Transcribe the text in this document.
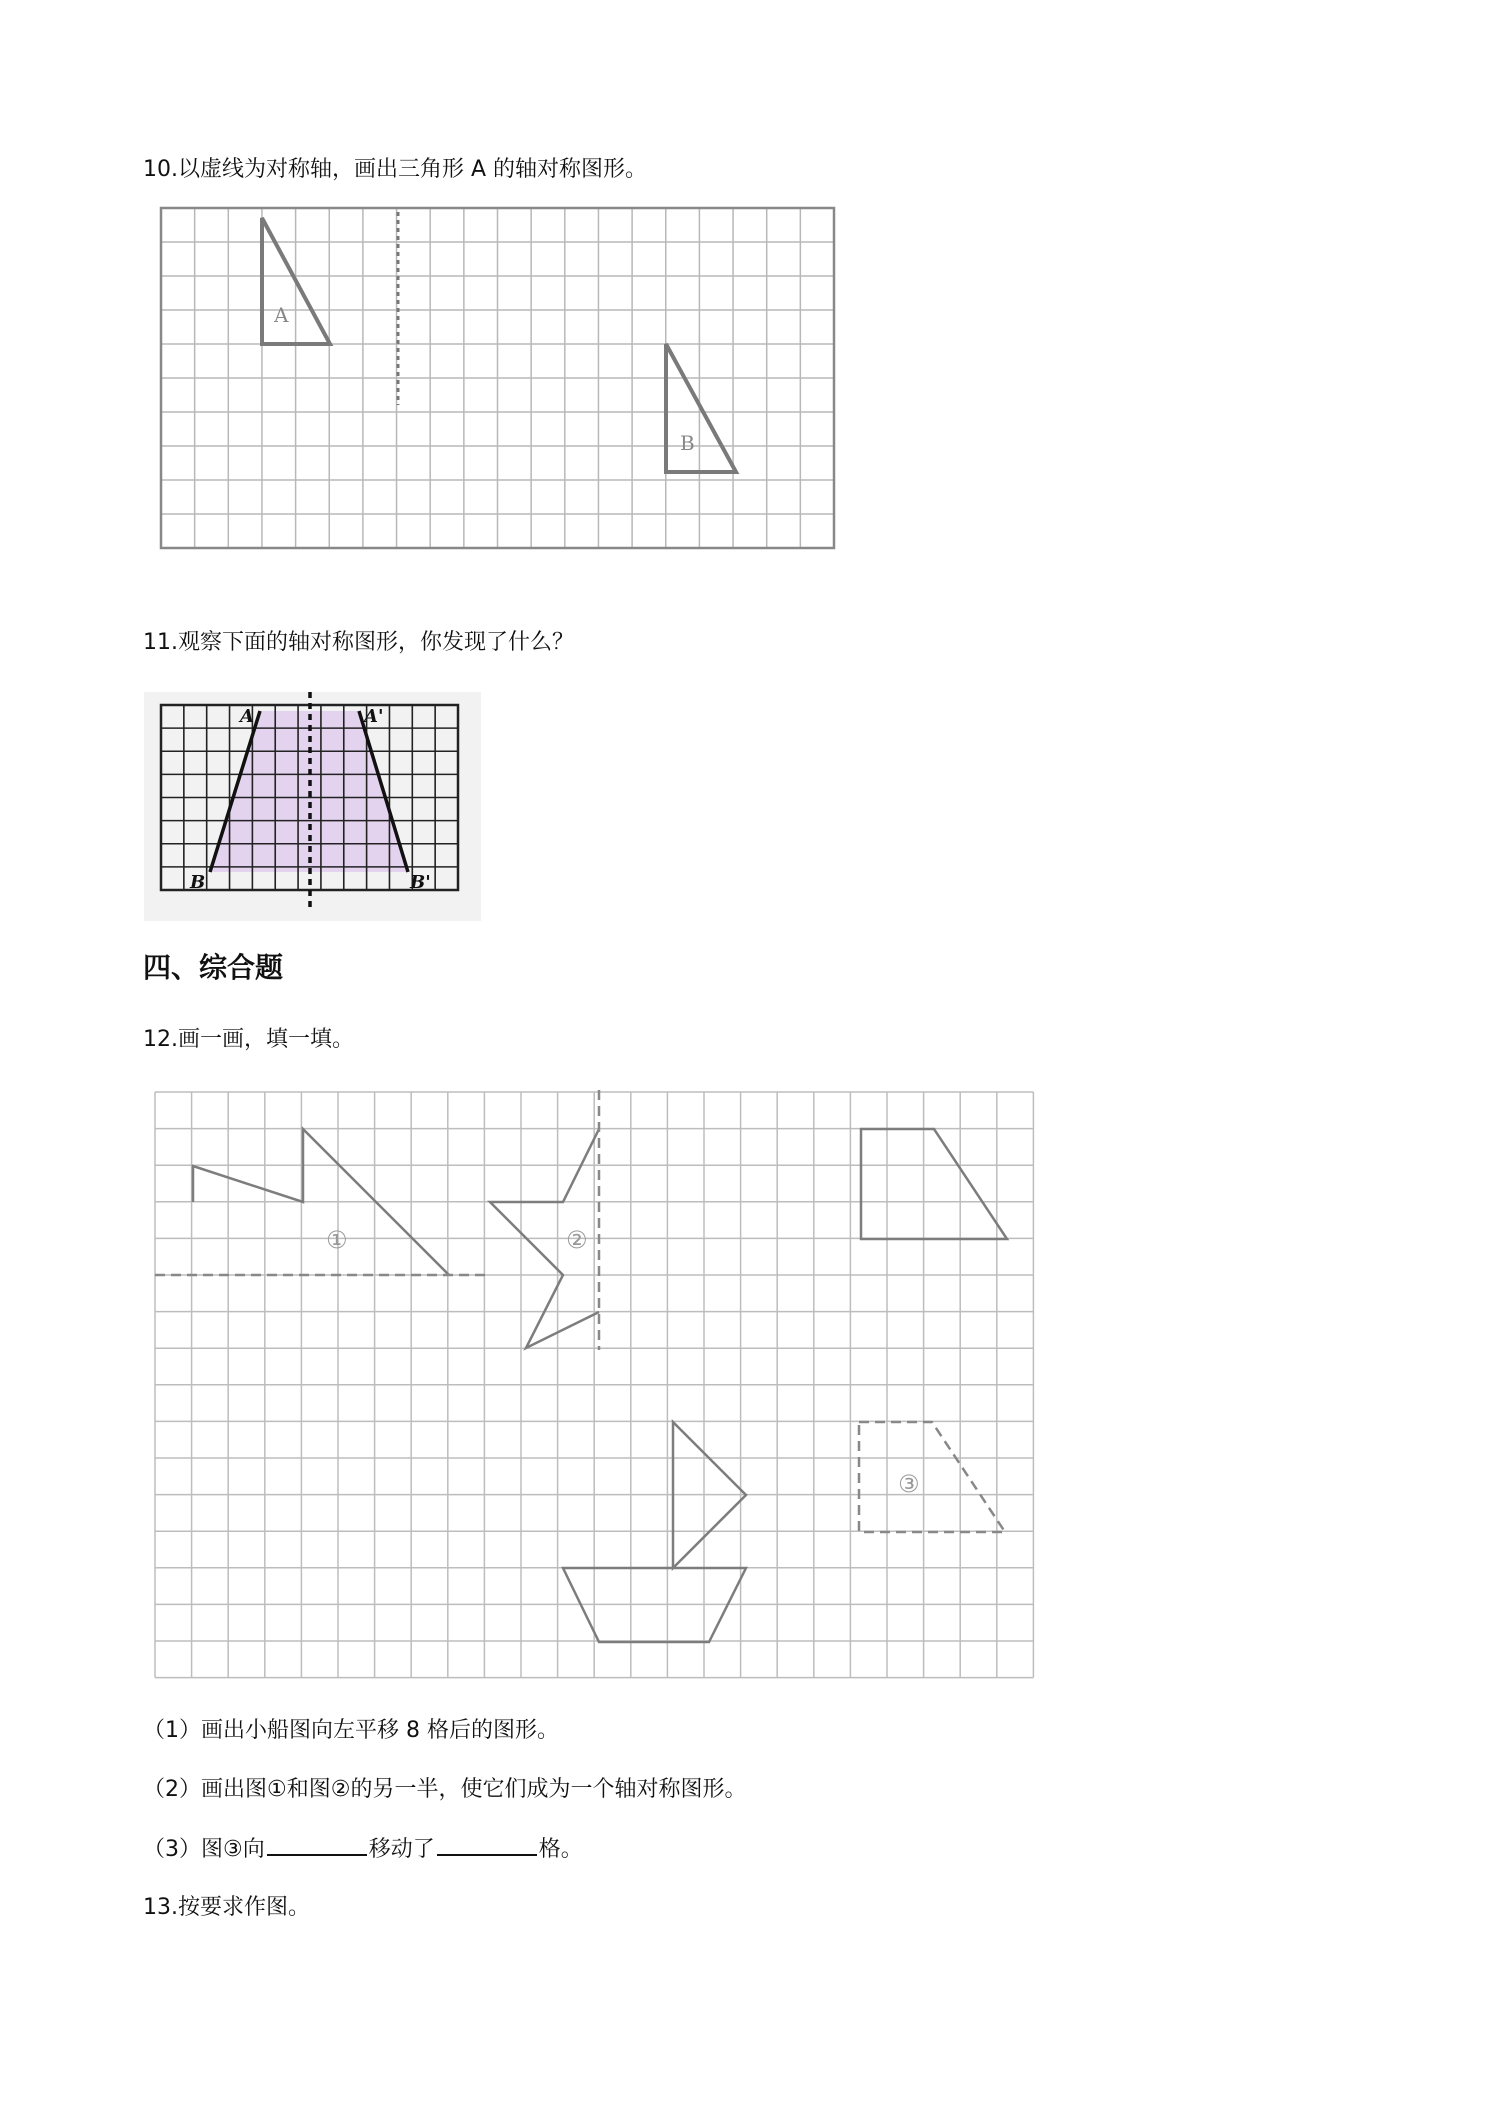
10.以虚线为对称轴，画出三角形 A 的轴对称图形。
A
B
11.观察下面的轴对称图形，你发现了什么？
A	A'
B	B'
四、综合题
12.画一画，填一填。
①	②
③
（1）画出小船图向左平移 8 格后的图形。
（2）画出图①和图②的另一半，使它们成为一个轴对称图形。
（3）图③向	移动了	格。
13.按要求作图。
